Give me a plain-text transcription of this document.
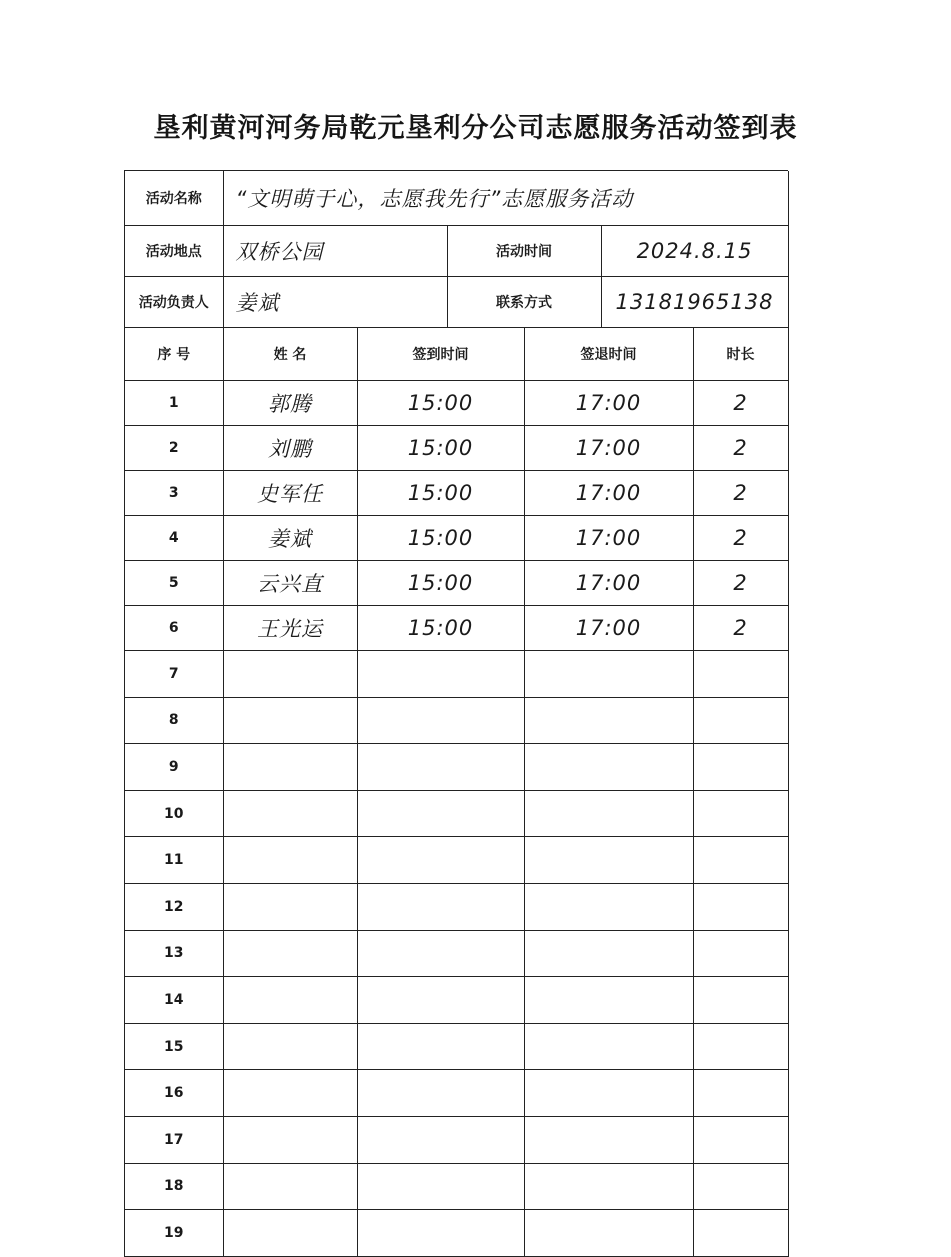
垦利黄河河务局乾元垦利分公司志愿服务活动签到表
活动名称	“文明萌于心，志愿我先行”志愿服务活动		
活动地点	双桥公园	活动时间	2024.8.15
活动负责人	姜斌	联系方式	13181965138
序 号	姓 名	签到时间	签退时间	时长
1	郭腾	15:00	17:00	2
2	刘鹏	15:00	17:00	2
3	史军任	15:00	17:00	2
4	姜斌	15:00	17:00	2
5	云兴直	15:00	17:00	2
6	王光运	15:00	17:00	2
7				
8				
9				
10				
11				
12				
13				
14				
15				
16				
17				
18				
19				
